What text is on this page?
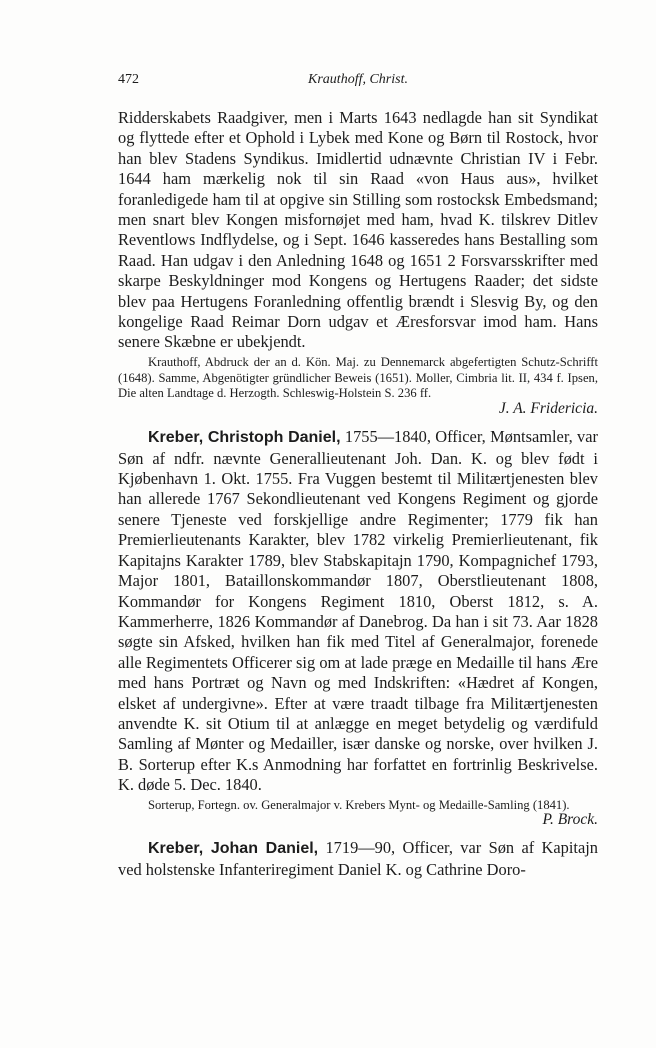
472	Krauthoff, Christ.

Ridderskabets Raadgiver, men i Marts 1643 nedlagde han sit Syndikat og flyttede efter et Ophold i Lybek med Kone og Børn til Rostock, hvor han blev Stadens Syndikus. Imidlertid udnævnte Christian IV i Febr. 1644 ham mærkelig nok til sin Raad «von Haus aus», hvilket foranledigede ham til at opgive sin Stilling som rostocksk Embedsmand; men snart blev Kongen misfornøjet med ham, hvad K. tilskrev Ditlev Reventlows Indflydelse, og i Sept. 1646 kasseredes hans Bestalling som Raad. Han udgav i den Anledning 1648 og 1651 2 Forsvarsskrifter med skarpe Beskyldninger mod Kongens og Hertugens Raader; det sidste blev paa Hertugens Foranledning offentlig brændt i Slesvig By, og den kongelige Raad Reimar Dorn udgav et Æresforsvar imod ham. Hans senere Skæbne er ubekjendt.

Krauthoff, Abdruck der an d. Kön. Maj. zu Dennemarck abgefertigten Schutz-Schrifft (1648). Samme, Abgenötigter gründlicher Beweis (1651). Moller, Cimbria lit. II, 434 f. Ipsen, Die alten Landtage d. Herzogth. Schleswig-Holstein S. 236 ff.

J. A. Fridericia.

Kreber, Christoph Daniel, 1755—1840, Officer, Møntsamler, var Søn af ndfr. nævnte Generallieutenant Joh. Dan. K. og blev født i Kjøbenhavn 1. Okt. 1755. Fra Vuggen bestemt til Militærtjenesten blev han allerede 1767 Sekondlieutenant ved Kongens Regiment og gjorde senere Tjeneste ved forskjellige andre Regimenter; 1779 fik han Premierlieutenants Karakter, blev 1782 virkelig Premierlieutenant, fik Kapitajns Karakter 1789, blev Stabskapitajn 1790, Kompagnichef 1793, Major 1801, Bataillonskommandør 1807, Oberstlieutenant 1808, Kommandør for Kongens Regiment 1810, Oberst 1812, s. A. Kammerherre, 1826 Kommandør af Danebrog. Da han i sit 73. Aar 1828 søgte sin Afsked, hvilken han fik med Titel af Generalmajor, forenede alle Regimentets Officerer sig om at lade præge en Medaille til hans Ære med hans Portræt og Navn og med Indskriften: «Hædret af Kongen, elsket af undergivne». Efter at være traadt tilbage fra Militærtjenesten anvendte K. sit Otium til at anlægge en meget betydelig og værdifuld Samling af Mønter og Medailler, især danske og norske, over hvilken J. B. Sorterup efter K.s Anmodning har forfattet en fortrinlig Beskrivelse. K. døde 5. Dec. 1840.

Sorterup, Fortegn. ov. Generalmajor v. Krebers Mynt- og Medaille-Samling (1841).

P. Brock.

Kreber, Johan Daniel, 1719—90, Officer, var Søn af Kapitajn ved holstenske Infanteriregiment Daniel K. og Cathrine Doro-
